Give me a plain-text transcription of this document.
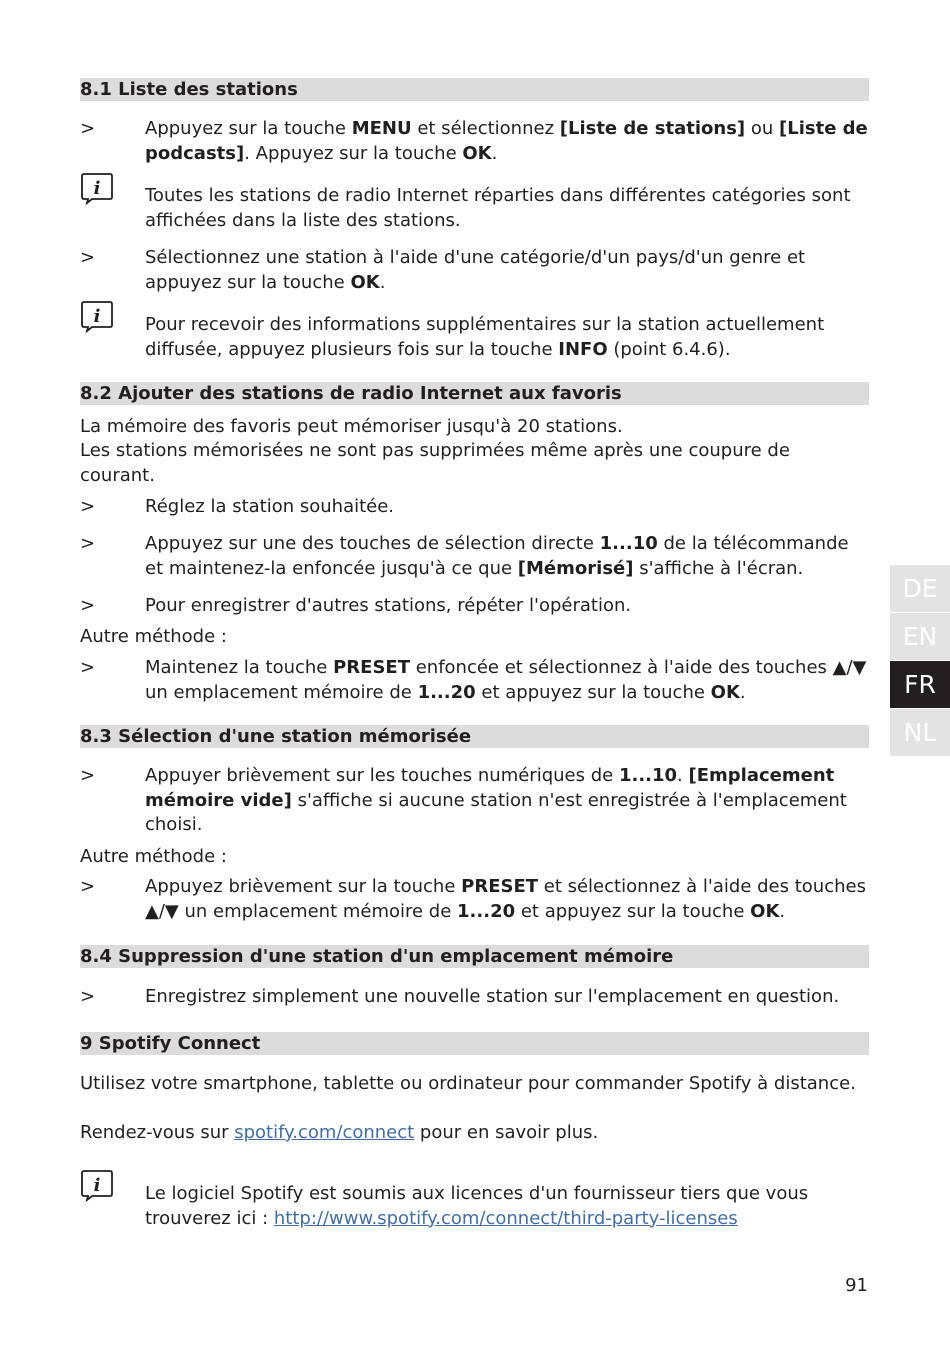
8.1 Liste des stations
>	Appuyez sur la touche MENU et sélectionnez [Liste de stations] ou [Liste de podcasts]. Appuyez sur la touche OK.
i Toutes les stations de radio Internet réparties dans différentes catégories sont affichées dans la liste des stations.
>	Sélectionnez une station à l'aide d'une catégorie/d'un pays/d'un genre et appuyez sur la touche OK.
i Pour recevoir des informations supplémentaires sur la station actuellement diffusée, appuyez plusieurs fois sur la touche INFO (point 6.4.6).
8.2 Ajouter des stations de radio Internet aux favoris
La mémoire des favoris peut mémoriser jusqu'à 20 stations.
Les stations mémorisées ne sont pas supprimées même après une coupure de courant.
>	Réglez la station souhaitée.
>	Appuyez sur une des touches de sélection directe 1...10 de la télécommande et maintenez-la enfoncée jusqu'à ce que [Mémorisé] s'affiche à l'écran.
>	Pour enregistrer d'autres stations, répéter l'opération.
Autre méthode :
>	Maintenez la touche PRESET enfoncée et sélectionnez à l'aide des touches ▲/▼ un emplacement mémoire de 1...20 et appuyez sur la touche OK.
8.3 Sélection d'une station mémorisée
>	Appuyer brièvement sur les touches numériques de 1...10. [Emplacement mémoire vide] s'affiche si aucune station n'est enregistrée à l'emplacement choisi.
Autre méthode :
>	Appuyez brièvement sur la touche PRESET et sélectionnez à l'aide des touches ▲/▼ un emplacement mémoire de 1...20 et appuyez sur la touche OK.
8.4 Suppression d'une station d'un emplacement mémoire
>	Enregistrez simplement une nouvelle station sur l'emplacement en question.
9 Spotify Connect
Utilisez votre smartphone, tablette ou ordinateur pour commander Spotify à distance.
Rendez-vous sur spotify.com/connect pour en savoir plus.
i Le logiciel Spotify est soumis aux licences d'un fournisseur tiers que vous trouverez ici : http://www.spotify.com/connect/third-party-licenses
DE
EN
FR
NL
91
